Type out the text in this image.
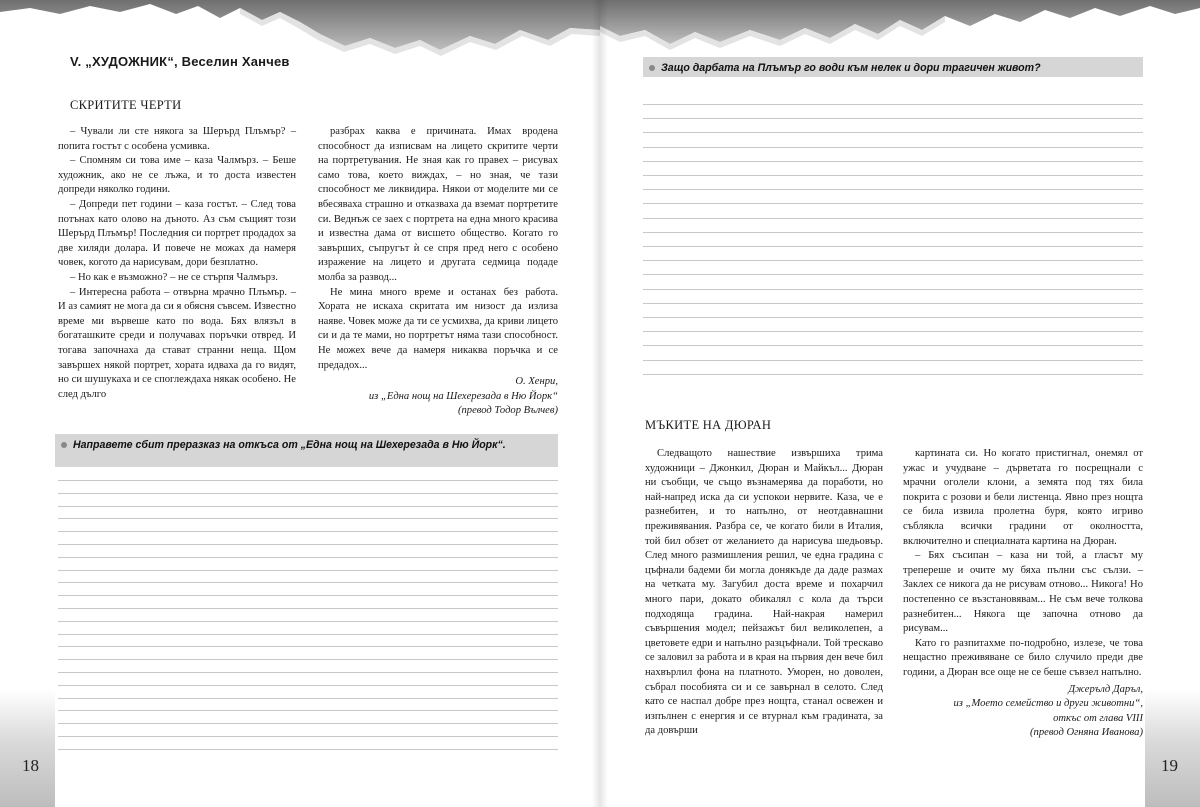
V. „ХУДОЖНИК“, Веселин Ханчев
СКРИТИТЕ ЧЕРТИ

– Чували ли сте някога за Шерърд Плъмър? – попита гостът с особена усмивка.

– Спомням си това име – каза Чалмърз. – Беше художник, ако не се лъжа, и то доста известен допреди няколко години.

– Допреди пет години – каза гостът. – След това потънах като олово на дъното. Аз съм същият този Шерърд Плъмър! Последния си портрет продадох за две хиляди долара. И повече не можах да намеря човек, когото да нарисувам, дори безплатно.

– Но как е възможно? – не се стърпя Чалмърз.

– Интересна работа – отвърна мрачно Плъмър. – И аз самият не мога да си я обясня съвсем. Известно време ми вървеше като по вода. Бях влязъл в богаташките среди и получавах поръчки отвред. И тогава започнаха да стават странни неща. Щом завършех някой портрет, хората идваха да го видят, но си шушукаха и се споглеждаха някак особено. Не след дълго

разбрах каква е причината. Имах вродена способност да изписвам на лицето скритите черти на портретувания. Не зная как го правех – рисувах само това, което виждах, – но зная, че тази способност ме ликвидира. Някои от моделите ми се вбесяваха страшно и отказваха да вземат портретите си. Веднъж се заех с портрета на една много красива и известна дама от висшето общество. Когато го завърших, съпругът ѝ се спря пред него с особено изражение на лицето и другата седмица подаде молба за развод...

Не мина много време и останах без работа. Хората не искаха скритата им низост да излиза наяве. Човек може да ти се усмихва, да криви лицето си и да те мами, но портретът няма тази способност. Не можех вече да намеря никаква поръчка и се предадох...

О. Хенри,
из „Една нощ на Шехерезада в Ню Йорк“
(превод Тодор Вълчев)
Направете сбит преразказ на откъса от „Една нощ на Шехерезада в Ню Йорк“.
18
Защо дарбата на Плъмър го води към нелек и дори трагичен живот?
МЪКИТЕ НА ДЮРАН

Следващото нашествие извършиха трима художници – Джонкил, Дюран и Майкъл... Дюран ни съобщи, че също възнамерява да поработи, но най-напред иска да си успокои нервите. Каза, че е разнебитен, и то напълно, от неотдавнашни преживявания. Разбра се, че когато били в Италия, той бил обзет от желанието да нарисува шедьовър. След много размишления решил, че една градина с цъфнали бадеми би могла донякъде да даде размах на четката му. Загубил доста време и похарчил много пари, докато обикалял с кола да търси подходяща градина. Най-накрая намерил съвършения модел; пейзажът бил великолепен, а цветовете едри и напълно разцъфнали. Той трескаво се заловил за работа и в края на първия ден вече бил нахвърлил фона на платното. Уморен, но доволен, събрал пособията си и се завърнал в селото. След като се наспал добре през нощта, станал освежен и изпълнен с енергия и се втурнал към градината, за да довърши

картината си. Но когато пристигнал, онемял от ужас и учудване – дърветата го посрещнали с мрачни оголели клони, а земята под тях била покрита с розови и бели листенца. Явно през нощта се била извила пролетна буря, която игриво съблякла всички градини от околността, включително и специалната картина на Дюран.

– Бях съсипан – каза ни той, а гласът му трепереше и очите му бяха пълни със сълзи. – Заклех се никога да не рисувам отново... Никога! Но постепенно се възстановявам... Не съм вече толкова разнебитен... Някога ще започна отново да рисувам...

Като го разпитахме по-подробно, излезе, че това нещастно преживяване се било случило преди две години, а Дюран все още не се беше съвзел напълно.

Джерълд Даръл,
из „Моето семейство и други животни“,
откъс от глава VIII
(превод Огняна Иванова)
19
